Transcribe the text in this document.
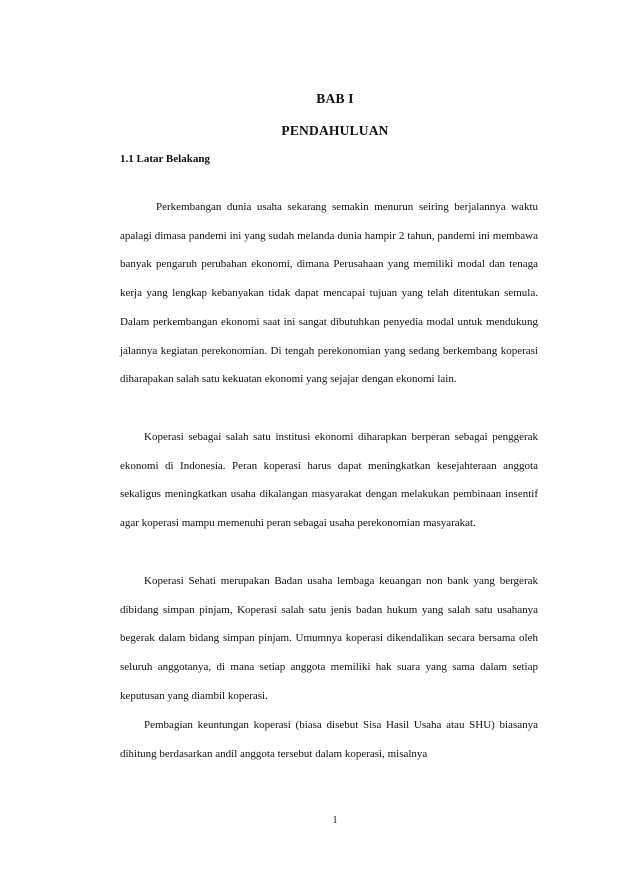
BAB I
PENDAHULUAN
1.1 Latar Belakang

Perkembangan dunia usaha sekarang semakin menurun seiring berjalannya waktu apalagi dimasa pandemi ini yang sudah melanda dunia hampir 2 tahun, pandemi ini membawa banyak pengaruh perubahan ekonomi, dimana Perusahaan yang memiliki modal dan tenaga kerja yang lengkap kebanyakan tidak dapat mencapai tujuan yang telah ditentukan semula. Dalam perkembangan ekonomi saat ini sangat dibutuhkan penyedia modal untuk mendukung jalannya kegiatan perekonomian. Di tengah perekonomian yang sedang berkembang koperasi diharapakan salah satu kekuatan ekonomi yang sejajar dengan ekonomi lain.

Koperasi sebagai salah satu institusi ekonomi diharapkan berperan sebagai penggerak ekonomi di Indonesia. Peran koperasi harus dapat meningkatkan kesejahteraan anggota sekaligus meningkatkan usaha dikalangan masyarakat dengan melakukan pembinaan insentif agar koperasi mampu memenuhi peran sebagai usaha perekonomian masyarakat.

Koperasi Sehati merupakan Badan usaha lembaga keuangan non bank yang bergerak dibidang simpan pinjam, Koperasi salah satu jenis badan hukum yang salah satu usahanya begerak dalam bidang simpan pinjam. Umumnya koperasi dikendalikan secara bersama oleh seluruh anggotanya, di mana setiap anggota memiliki hak suara yang sama dalam setiap keputusan yang diambil koperasi.

Pembagian keuntungan koperasi (biasa disebut Sisa Hasil Usaha atau SHU) biasanya dihitung berdasarkan andil anggota tersebut dalam koperasi, misalnya

1
